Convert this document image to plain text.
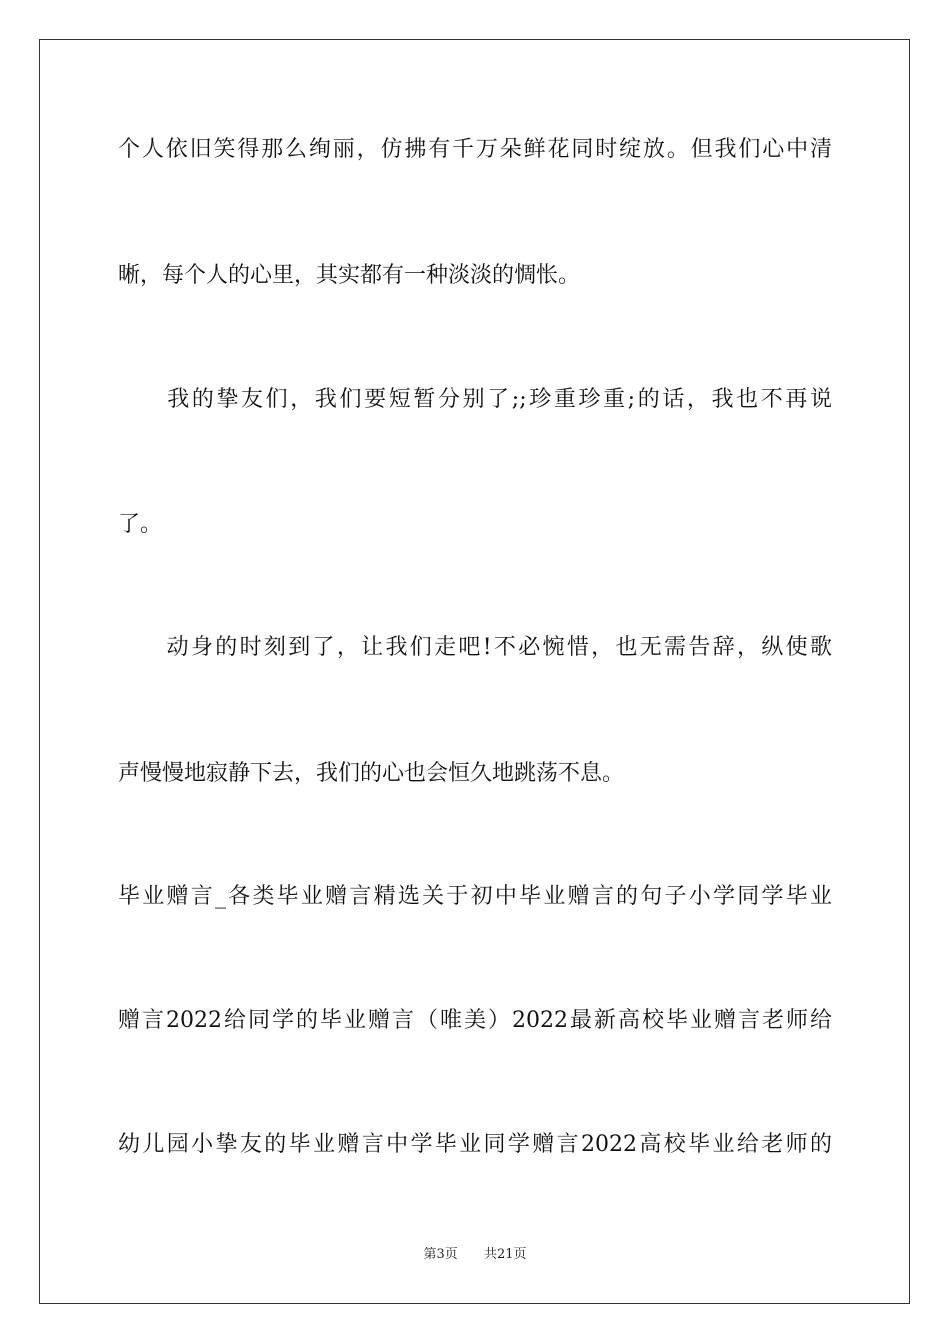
个人依旧笑得那么绚丽，仿拂有千万朵鲜花同时绽放。但我们心中清
晰，每个人的心里，其实都有一种淡淡的惆怅。
　　我的挚友们，我们要短暂分别了;;珍重珍重;的话，我也不再说
了。
　　动身的时刻到了，让我们走吧!不必惋惜，也无需告辞，纵使歌
声慢慢地寂静下去，我们的心也会恒久地跳荡不息。
毕业赠言_各类毕业赠言精选关于初中毕业赠言的句子小学同学毕业
赠言2022给同学的毕业赠言（唯美）2022最新高校毕业赠言老师给
幼儿园小挚友的毕业赠言中学毕业同学赠言2022高校毕业给老师的
第3页 共21页
